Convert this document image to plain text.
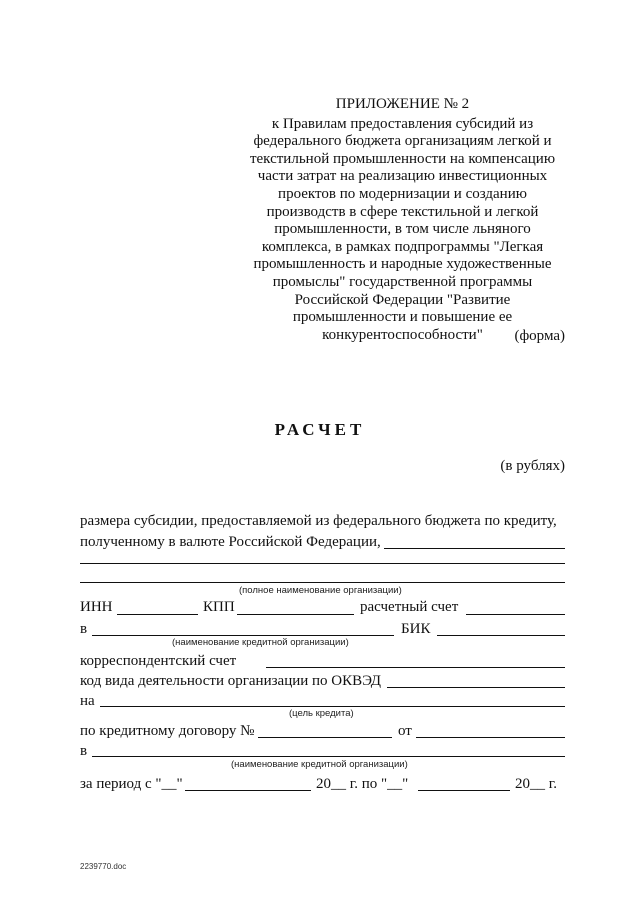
ПРИЛОЖЕНИЕ № 2
к Правилам предоставления субсидий из федерального бюджета организациям легкой и текстильной промышленности на компенсацию части затрат на реализацию инвестиционных проектов по модернизации и созданию производств в сфере текстильной и легкой промышленности, в том числе льняного комплекса, в рамках подпрограммы "Легкая промышленность и народные художественные промыслы" государственной программы Российской Федерации "Развитие промышленности и повышение ее конкурентоспособности"	(форма)
РАСЧЕТ
(в рублях)
размера субсидии, предоставляемой из федерального бюджета по кредиту,
полученному в валюте Российской Федерации,
(полное наименование организации)
ИНН	КПП	расчетный счет
в	БИК
(наименование кредитной организации)
корреспондентский счет
код вида деятельности организации по ОКВЭД
на
(цель кредита)
по кредитному договору №	от
в
(наименование кредитной организации)
за период с "__"	20__ г. по "__"	20__ г.
2239770.doc
